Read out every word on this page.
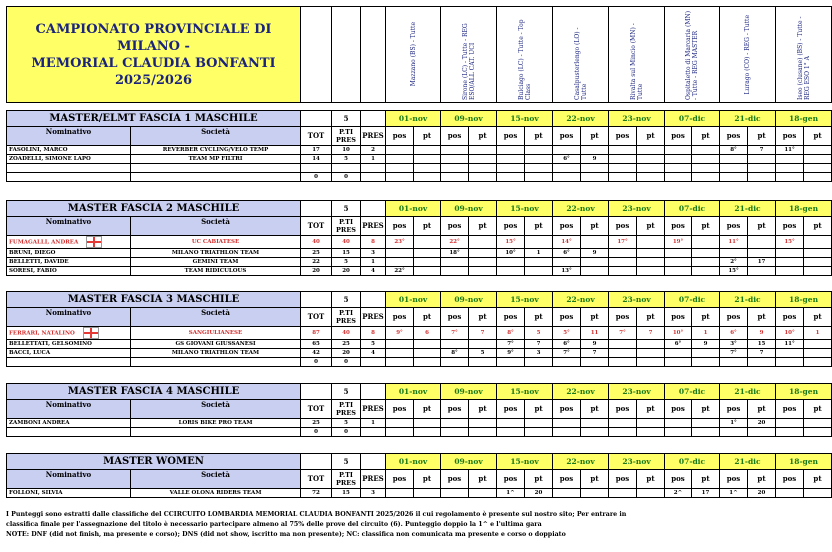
CAMPIONATO PROVINCIALE DI MILANO -
MEMORIAL CLAUDIA BONFANTI
2025/2026				Mazzano (BS) - Tutte	Sirone (LC) - Tutte - REG ESO/ALL CAT. UCI	Bulciago (LC) - Tutte - Top Class	Casalpusterlengo (LO) - Tutte	Rivalta sul Mincio (MN) - Tutte	Ospitaletto di Marcaria (MN) - Tutte - REG MASTER	Lurago (CO) - REG - Tutte	Iseo (clusane) (BS) - Tutte - REG ESO 1° A
MASTER/ELMT FASCIA 1 MASCHILE			5		01-nov		09-nov		15-nov		22-nov		23-nov		07-dic		21-dic		18-gen	
Nominativo	Società	TOT	P.TI PRES	PRES	pos	pt	pos	pt	pos	pt	pos	pt	pos	pt	pos	pt	pos	pt	pos	pt
FASOLINI, MARCO	REVERBER CYCLING/VELO TEMP	17	10	2													8°	7	11°	
ZOADELLI, SIMONE LAPO	TEAM MP FILTRI	14	5	1							6°	9								

		0	0																	
MASTER FASCIA 2 MASCHILE			5		01-nov		09-nov		15-nov		22-nov		23-nov		07-dic		21-dic		18-gen	
Nominativo	Società	TOT	P.TI PRES	PRES	pos	pt	pos	pt	pos	pt	pos	pt	pos	pt	pos	pt	pos	pt	pos	pt
FUMAGALLI, ANDREA	UC CABIATESE	40	40	8	23°		22°		15°		14°		17°		19°		11°		15°	
BRUNI, DIEGO	MILANO TRIATHLON TEAM	25	15	3			18°		10°	1	6°	9								
BELLETTI, DAVIDE	GEMINI TEAM	22	5	1													2°	17		
SORESI, FABIO	TEAM RIDICULOUS	20	20	4	22°						13°						15°			
MASTER FASCIA 3 MASCHILE			5		01-nov		09-nov		15-nov		22-nov		23-nov		07-dic		21-dic		18-gen	
Nominativo	Società	TOT	P.TI PRES	PRES	pos	pt	pos	pt	pos	pt	pos	pt	pos	pt	pos	pt	pos	pt	pos	pt
FERRARI, NATALINO	SANGIULIANESE	87	40	8	9°	6	7°	7	8°	5	5°	11	7°	7	10°	1	6°	9	10°	1
BELLETTATI, GELSOMINO	GS GIOVANI GIUSSANESI	65	25	5					7°	7	6°	9			6°	9	3°	15	11°	
BACCI, LUCA	MILANO TRIATHLON TEAM	42	20	4			8°	5	9°	3	7°	7					7°	7		
		0	0																	
MASTER FASCIA 4 MASCHILE			5		01-nov		09-nov		15-nov		22-nov		23-nov		07-dic		21-dic		18-gen	
Nominativo	Società	TOT	P.TI PRES	PRES	pos	pt	pos	pt	pos	pt	pos	pt	pos	pt	pos	pt	pos	pt	pos	pt
ZAMBONI ANDREA	LORIS BIKE PRO TEAM	25	5	1													1°	20		
		0	0																	
MASTER WOMEN			5		01-nov		09-nov		15-nov		22-nov		23-nov		07-dic		21-dic		18-gen	
Nominativo	Società	TOT	P.TI PRES	PRES	pos	pt	pos	pt	pos	pt	pos	pt	pos	pt	pos	pt	pos	pt	pos	pt
FOLLONI, SILVIA	VALLE OLONA RIDERS TEAM	72	15	3					1^	20					2^	17	1^	20		
I Punteggi sono estratti dalle classifiche del CCIRCUITO LOMBARDIA MEMORIAL CLAUDIA BONFANTI 2025/2026 il cui regolamento è presente sul nostro sito; Per entrare in
classifica finale per l'assegnazione del titolo è necessario partecipare almeno al 75% delle prove del circuito (6). Punteggio doppio la 1^ e l'ultima gara
NOTE: DNF (did not finish, ma presente e corso); DNS (did not show, iscritto ma non presente); NC: classifica non comunicata ma presente e corso o doppiato
